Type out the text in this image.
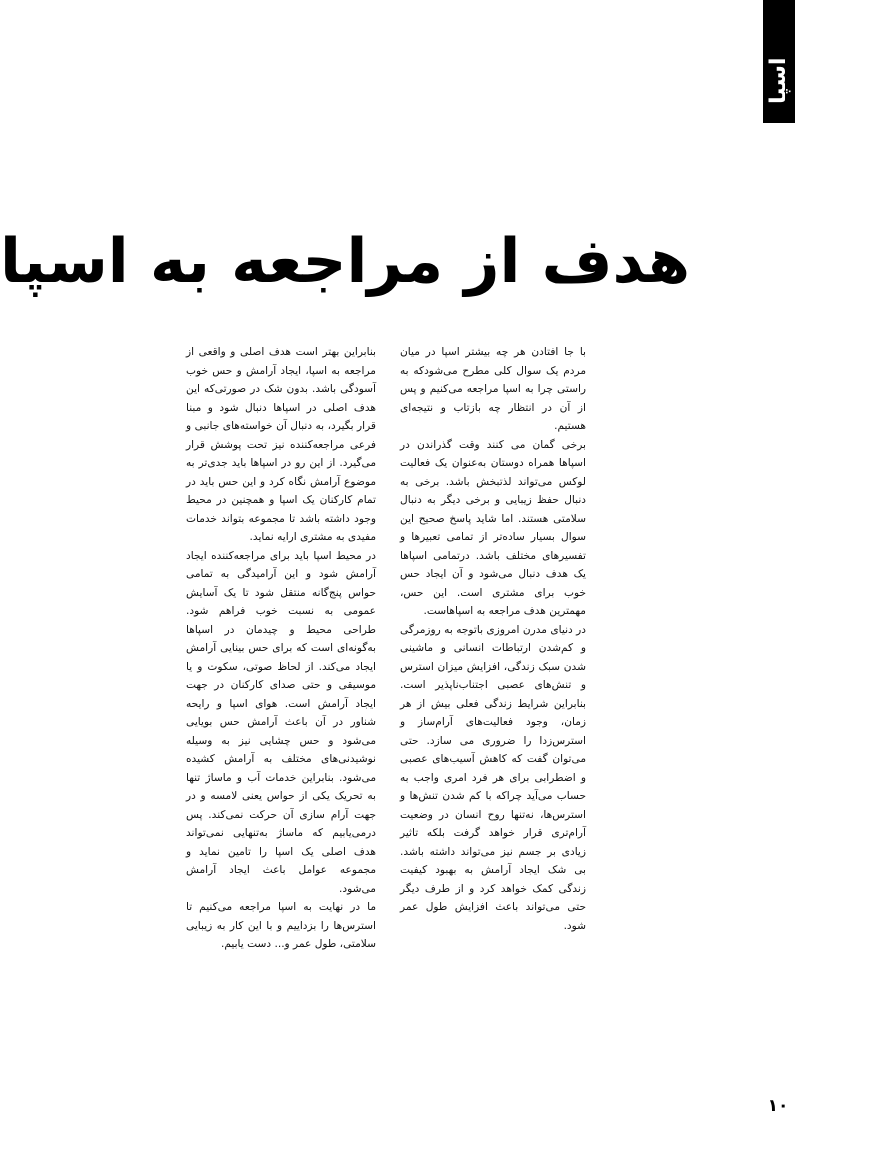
اسپا
هدف از مراجعه به اسپا

با جا افتادن هر چه بیشتر اسپا در میان مردم یک سوال کلی مطرح می‌شودکه به راستی چرا به اسپا مراجعه می‌کنیم و پس از آن در انتظار چه بازتاب و نتیجه‌ای هستیم.

برخی گمان می کنند وقت گذراندن در اسپاها همراه دوستان به‌عنوان یک فعالیت لوکس می‌تواند لذتبخش باشد. برخی به دنبال حفظ زیبایی و برخی دیگر به دنبال سلامتی هستند. اما شاید پاسخ صحیح این سوال بسیار ساده‌تر از تمامی تعبیرها و تفسیرهای مختلف باشد. درتمامی اسپاها یک هدف دنبال می‌شود و آن ایجاد حس خوب برای مشتری است. این حس، مهمترین هدف مراجعه به اسپاهاست.

در دنیای مدرن امروزی باتوجه به روزمرگی و کم‌شدن ارتباطات انسانی و ماشینی شدن سبک زندگی، افزایش میزان استرس و تنش‌های عصبی اجتناب‌ناپذیر است. بنابراین شرایط زندگی فعلی بیش از هر زمان، وجود فعالیت‌های آرام‌ساز و استرس‌زدا را ضروری می سازد. حتی می‌توان گفت که کاهش آسیب‌های عصبی و اضطرابی برای هر فرد امری واجب به حساب می‌آید چراکه با کم شدن تنش‌ها و استرس‌ها، نه‌تنها روح انسان در وضعیت آرام‌تری قرار خواهد گرفت بلکه تاثیر زیادی بر جسم نیز می‌تواند داشته باشد. بی شک ایجاد آرامش به بهبود کیفیت زندگی کمک خواهد کرد و از طرف دیگر حتی می‌تواند باعث افزایش طول عمر شود.

بنابراین بهتر است هدف اصلی و واقعی از مراجعه به اسپا، ایجاد آرامش و حس خوب آسودگی باشد. بدون شک در صورتی‌که این هدف اصلی در اسپاها دنبال شود و مبنا قرار بگیرد، به دنبال آن خواسته‌های جانبی و فرعی مراجعه‌کننده نیز تحت پوشش قرار می‌گیرد. از این رو در اسپاها باید جدی‌تر به موضوع آرامش نگاه کرد و این حس باید در تمام کارکنان یک اسپا و همچنین در محیط وجود داشته باشد تا مجموعه بتواند خدمات مفیدی به مشتری ارایه نماید.

در محیط اسپا باید برای مراجعه‌کننده ایجاد آرامش شود و این آرامیدگی به تمامی حواس پنج‌گانه منتقل شود تا یک آسایش عمومی به نسبت خوب فراهم شود. طراحی محیط و چیدمان در اسپاها به‌گونه‌ای است که برای حس بینایی آرامش ایجاد می‌کند. از لحاظ صوتی، سکوت و یا موسیقی و حتی صدای کارکنان در جهت ایجاد آرامش است. هوای اسپا و رایحه شناور در آن باعث آرامش حس بویایی می‌شود و حس چشایی نیز به وسیله نوشیدنی‌های مختلف به آرامش کشیده می‌شود. بنابراین خدمات آب و ماساژ تنها به تحریک یکی از حواس یعنی لامسه و در جهت آرام سازی آن حرکت نمی‌کند. پس درمی‌یابیم که ماساژ به‌تنهایی نمی‌تواند هدف اصلی یک اسپا را تامین نماید و مجموعه عوامل باعث ایجاد آرامش می‌شود.

ما در نهایت به اسپا مراجعه می‌کنیم تا استرس‌ها را بزداییم و با این کار به زیبایی سلامتی، طول عمر و... دست یابیم.

۱۰
